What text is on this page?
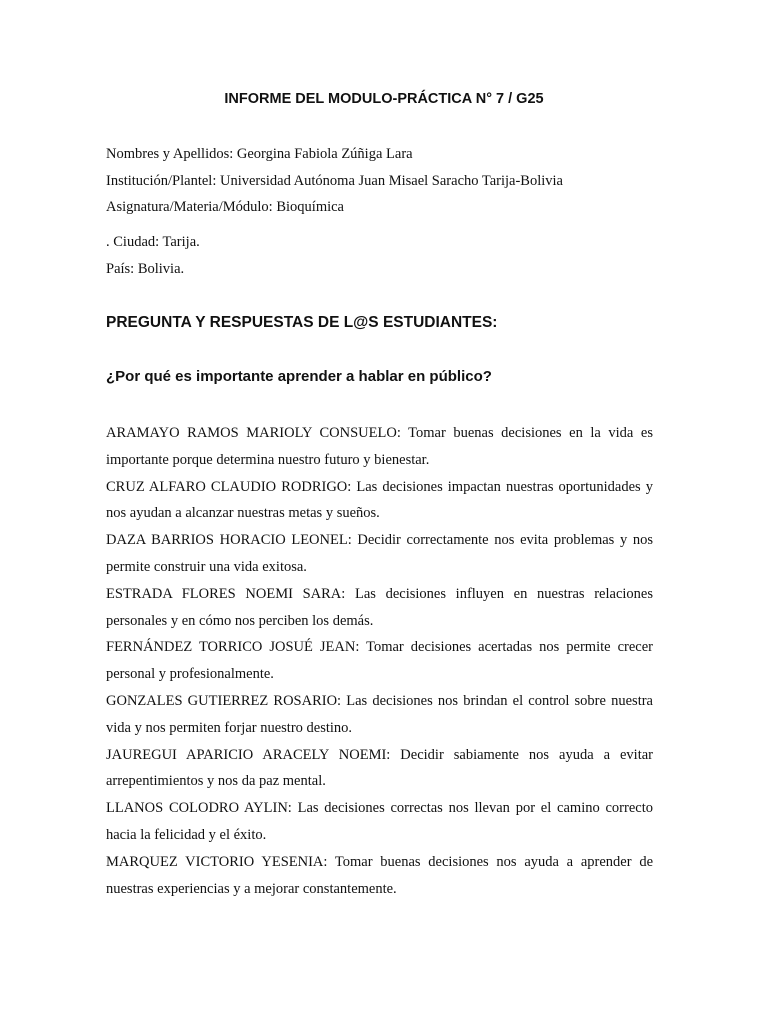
INFORME DEL MODULO-PRÁCTICA N° 7 / G25
Nombres y Apellidos: Georgina Fabiola Zúñiga Lara
Institución/Plantel: Universidad Autónoma Juan Misael Saracho Tarija-Bolivia
Asignatura/Materia/Módulo: Bioquímica
. Ciudad: Tarija.
País: Bolivia.
PREGUNTA Y RESPUESTAS DE L@S ESTUDIANTES:
¿Por qué es importante aprender a hablar en público?

ARAMAYO RAMOS MARIOLY CONSUELO: Tomar buenas decisiones en la vida es importante porque determina nuestro futuro y bienestar.

CRUZ ALFARO CLAUDIO RODRIGO: Las decisiones impactan nuestras oportunidades y nos ayudan a alcanzar nuestras metas y sueños.

DAZA BARRIOS HORACIO LEONEL: Decidir correctamente nos evita problemas y nos permite construir una vida exitosa.

ESTRADA FLORES NOEMI SARA: Las decisiones influyen en nuestras relaciones personales y en cómo nos perciben los demás.

FERNÁNDEZ TORRICO JOSUÉ JEAN: Tomar decisiones acertadas nos permite crecer personal y profesionalmente.

GONZALES GUTIERREZ ROSARIO: Las decisiones nos brindan el control sobre nuestra vida y nos permiten forjar nuestro destino.

JAUREGUI APARICIO ARACELY NOEMI: Decidir sabiamente nos ayuda a evitar arrepentimientos y nos da paz mental.

LLANOS COLODRO AYLIN: Las decisiones correctas nos llevan por el camino correcto hacia la felicidad y el éxito.

MARQUEZ VICTORIO YESENIA: Tomar buenas decisiones nos ayuda a aprender de nuestras experiencias y a mejorar constantemente.
